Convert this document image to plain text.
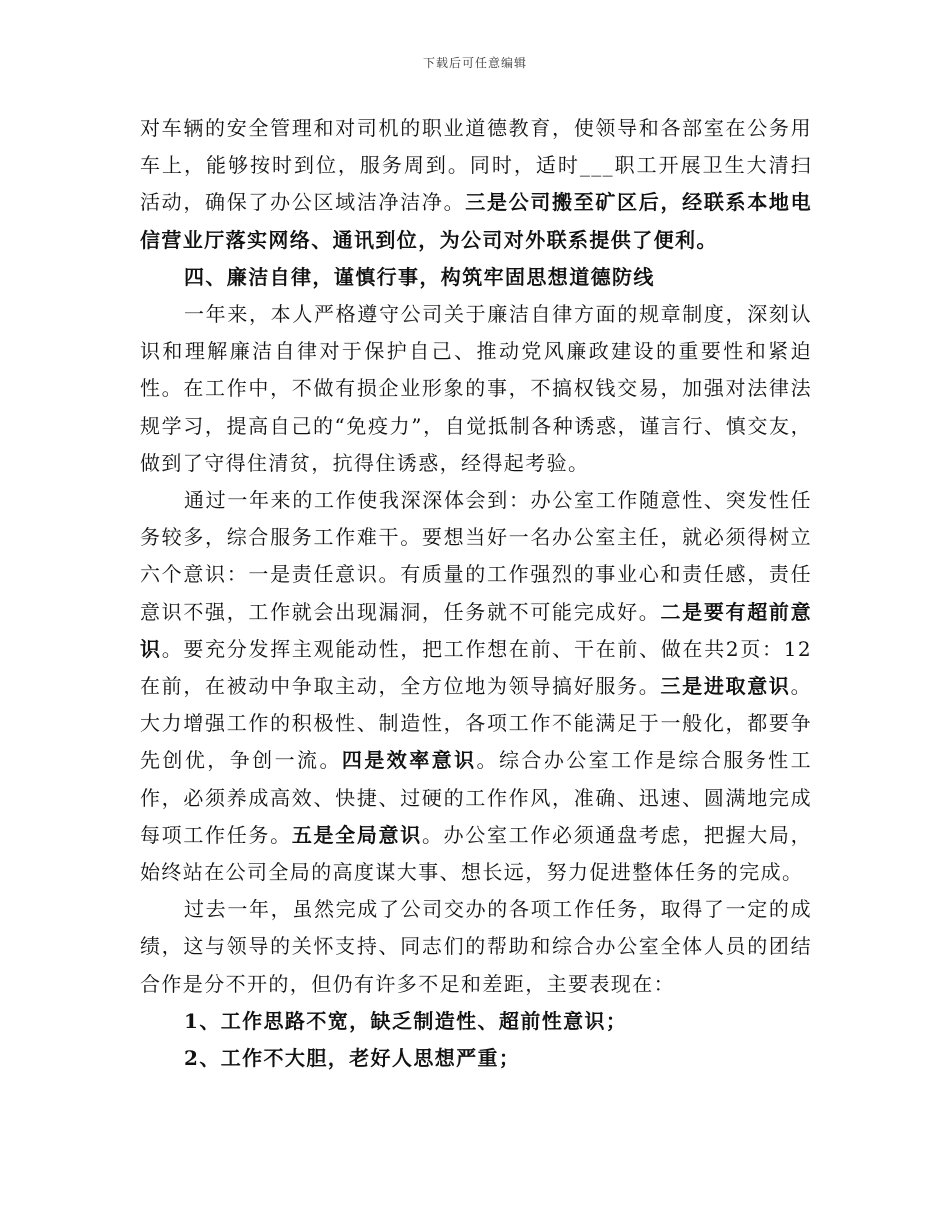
下载后可任意编辑

对车辆的安全管理和对司机的职业道德教育，使领导和各部室在公务用车上，能够按时到位，服务周到。同时，适时___职工开展卫生大清扫活动，确保了办公区域洁净洁净。三是公司搬至矿区后，经联系本地电信营业厅落实网络、通讯到位，为公司对外联系提供了便利。

四、廉洁自律，谨慎行事，构筑牢固思想道德防线

一年来，本人严格遵守公司关于廉洁自律方面的规章制度，深刻认识和理解廉洁自律对于保护自己、推动党风廉政建设的重要性和紧迫性。在工作中，不做有损企业形象的事，不搞权钱交易，加强对法律法规学习，提高自己的“免疫力”，自觉抵制各种诱惑，谨言行、慎交友，做到了守得住清贫，抗得住诱惑，经得起考验。

通过一年来的工作使我深深体会到：办公室工作随意性、突发性任务较多，综合服务工作难干。要想当好一名办公室主任，就必须得树立六个意识：一是责任意识。有质量的工作强烈的事业心和责任感，责任意识不强，工作就会出现漏洞，任务就不可能完成好。二是要有超前意识。要充分发挥主观能动性，把工作想在前、干在前、做在共2页：12在前，在被动中争取主动，全方位地为领导搞好服务。三是进取意识。大力增强工作的积极性、制造性，各项工作不能满足于一般化，都要争先创优，争创一流。四是效率意识。综合办公室工作是综合服务性工作，必须养成高效、快捷、过硬的工作作风，准确、迅速、圆满地完成每项工作任务。五是全局意识。办公室工作必须通盘考虑，把握大局，始终站在公司全局的高度谋大事、想长远，努力促进整体任务的完成。

过去一年，虽然完成了公司交办的各项工作任务，取得了一定的成绩，这与领导的关怀支持、同志们的帮助和综合办公室全体人员的团结合作是分不开的，但仍有许多不足和差距，主要表现在：

1、工作思路不宽，缺乏制造性、超前性意识；

2、工作不大胆，老好人思想严重；
